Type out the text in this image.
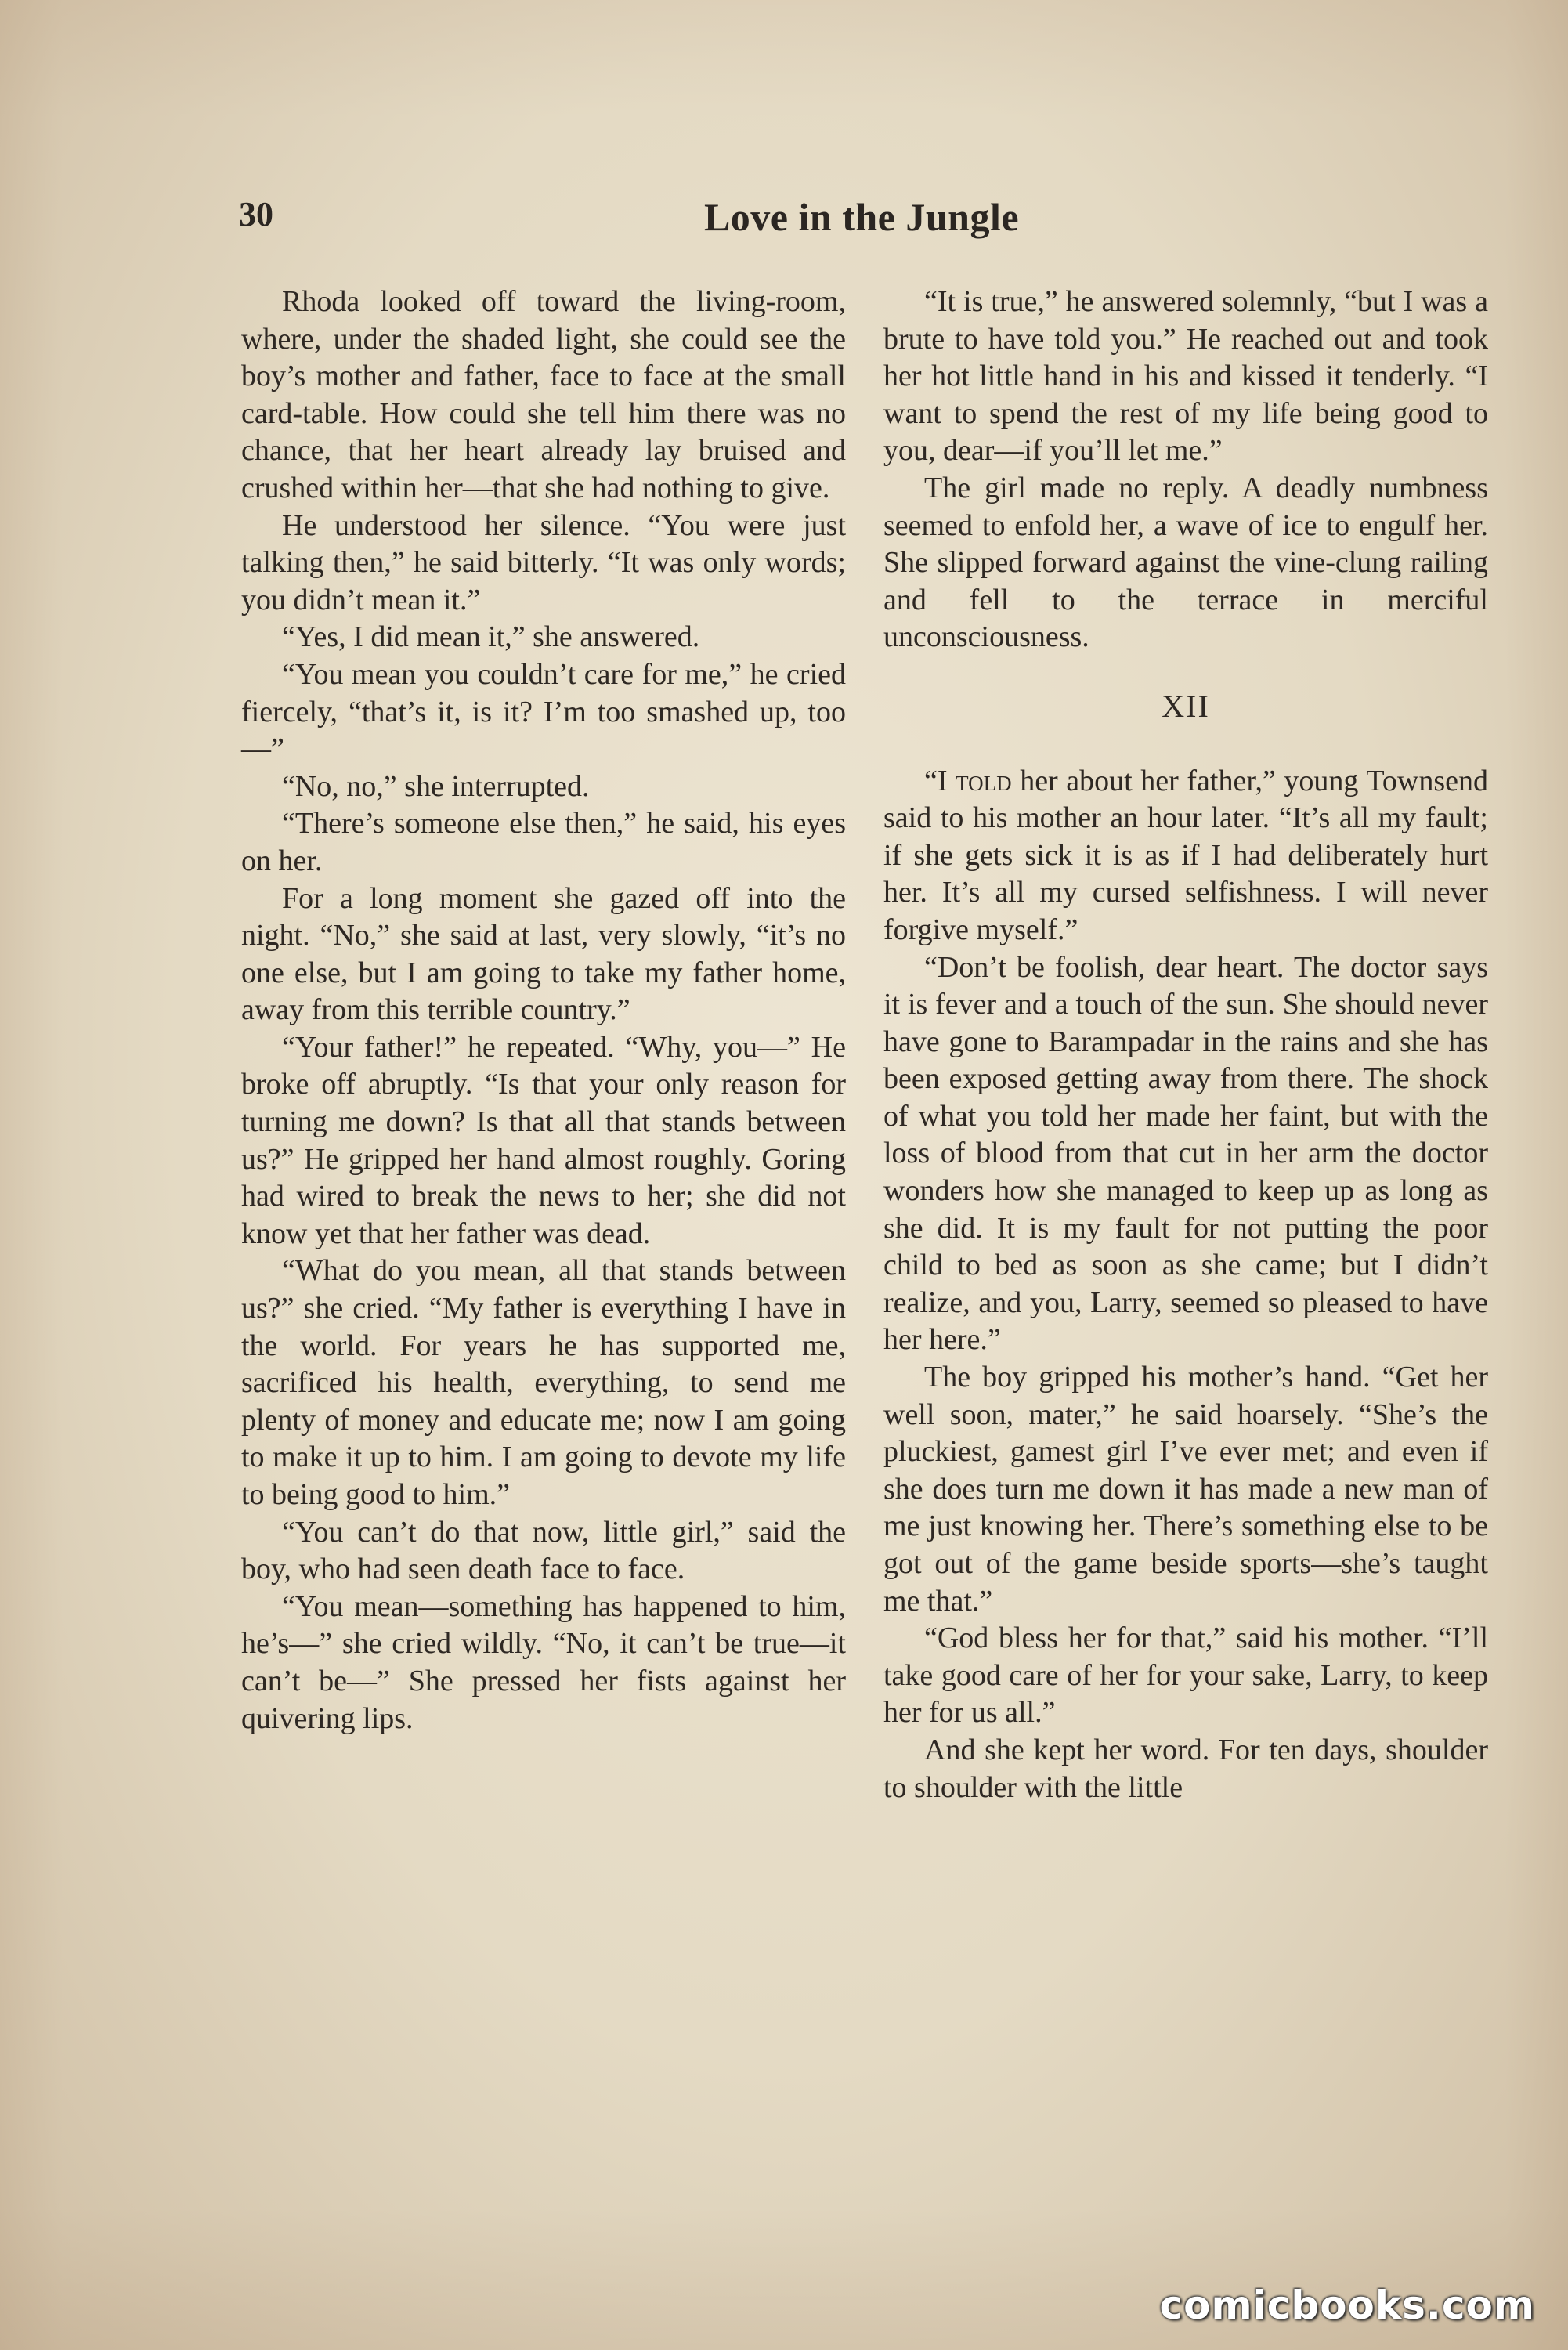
30	Love in the Jungle

Rhoda looked off toward the living-room, where, under the shaded light, she could see the boy’s mother and father, face to face at the small card-table. How could she tell him there was no chance, that her heart already lay bruised and crushed within her—that she had nothing to give.

He understood her silence. “You were just talking then,” he said bitterly. “It was only words; you didn’t mean it.”

“Yes, I did mean it,” she answered.

“You mean you couldn’t care for me,” he cried fiercely, “that’s it, is it? I’m too smashed up, too—”

“No, no,” she interrupted.

“There’s someone else then,” he said, his eyes on her.

For a long moment she gazed off into the night. “No,” she said at last, very slowly, “it’s no one else, but I am going to take my father home, away from this terrible country.”

“Your father!” he repeated. “Why, you—” He broke off abruptly. “Is that your only reason for turning me down? Is that all that stands between us?” He gripped her hand almost roughly. Goring had wired to break the news to her; she did not know yet that her father was dead.

“What do you mean, all that stands between us?” she cried. “My father is everything I have in the world. For years he has supported me, sacrificed his health, everything, to send me plenty of money and educate me; now I am going to make it up to him. I am going to devote my life to being good to him.”

“You can’t do that now, little girl,” said the boy, who had seen death face to face.

“You mean—something has happened to him, he’s—” she cried wildly. “No, it can’t be true—it can’t be—” She pressed her fists against her quivering lips.

“It is true,” he answered solemnly, “but I was a brute to have told you.” He reached out and took her hot little hand in his and kissed it tenderly. “I want to spend the rest of my life being good to you, dear—if you’ll let me.”

The girl made no reply. A deadly numbness seemed to enfold her, a wave of ice to engulf her. She slipped forward against the vine-clung railing and fell to the terrace in merciful unconsciousness.

XII

“I told her about her father,” young Townsend said to his mother an hour later. “It’s all my fault; if she gets sick it is as if I had deliberately hurt her. It’s all my cursed selfishness. I will never forgive myself.”

“Don’t be foolish, dear heart. The doctor says it is fever and a touch of the sun. She should never have gone to Barampadar in the rains and she has been exposed getting away from there. The shock of what you told her made her faint, but with the loss of blood from that cut in her arm the doctor wonders how she managed to keep up as long as she did. It is my fault for not putting the poor child to bed as soon as she came; but I didn’t realize, and you, Larry, seemed so pleased to have her here.”

The boy gripped his mother’s hand. “Get her well soon, mater,” he said hoarsely. “She’s the pluckiest, gamest girl I’ve ever met; and even if she does turn me down it has made a new man of me just knowing her. There’s something else to be got out of the game beside sports—she’s taught me that.”

“God bless her for that,” said his mother. “I’ll take good care of her for your sake, Larry, to keep her for us all.”

And she kept her word. For ten days, shoulder to shoulder with the little

comicbooks.com
